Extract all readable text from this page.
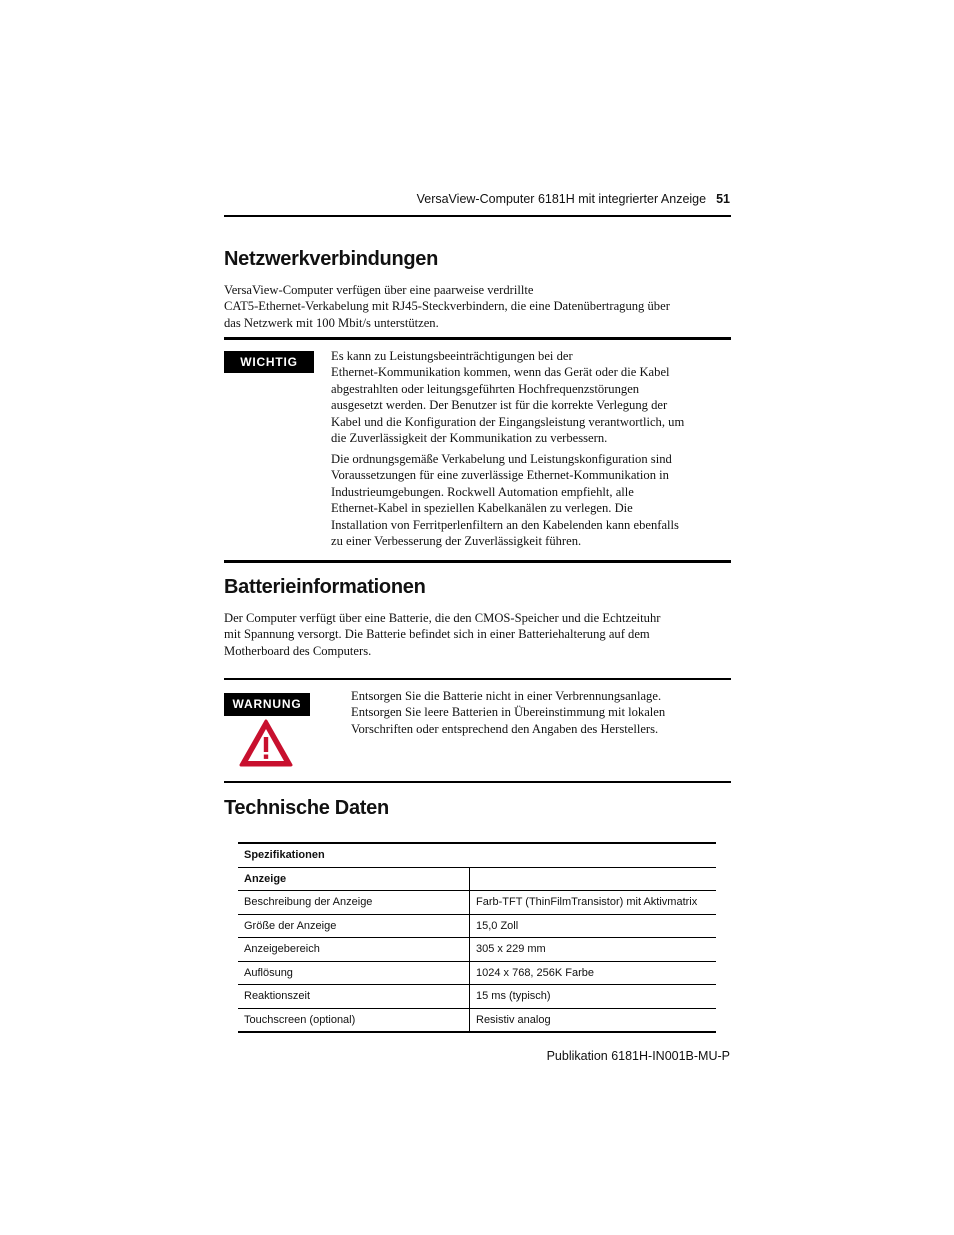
VersaView-Computer 6181H mit integrierter Anzeige 51
Netzwerkverbindungen
VersaView-Computer verfügen über eine paarweise verdrillte
CAT5-Ethernet-Verkabelung mit RJ45-Steckverbindern, die eine Datenübertragung über
das Netzwerk mit 100 Mbit/s unterstützen.
WICHTIG	Es kann zu Leistungsbeeinträchtigungen bei der
Ethernet-Kommunikation kommen, wenn das Gerät oder die Kabel
abgestrahlten oder leitungsgeführten Hochfrequenzstörungen
ausgesetzt werden. Der Benutzer ist für die korrekte Verlegung der
Kabel und die Konfiguration der Eingangsleistung verantwortlich, um
die Zuverlässigkeit der Kommunikation zu verbessern.
Die ordnungsgemäße Verkabelung und Leistungskonfiguration sind
Voraussetzungen für eine zuverlässige Ethernet-Kommunikation in
Industrieumgebungen. Rockwell Automation empfiehlt, alle
Ethernet-Kabel in speziellen Kabelkanälen zu verlegen. Die
Installation von Ferritperlenfiltern an den Kabelenden kann ebenfalls
zu einer Verbesserung der Zuverlässigkeit führen.
Batterieinformationen
Der Computer verfügt über eine Batterie, die den CMOS-Speicher und die Echtzeituhr
mit Spannung versorgt. Die Batterie befindet sich in einer Batteriehalterung auf dem
Motherboard des Computers.
WARNUNG
Entsorgen Sie die Batterie nicht in einer Verbrennungsanlage.
Entsorgen Sie leere Batterien in Übereinstimmung mit lokalen
Vorschriften oder entsprechend den Angaben des Herstellers.
Technische Daten
Spezifikationen	
Anzeige	
Beschreibung der Anzeige	Farb-TFT (ThinFilmTransistor) mit Aktivmatrix
Größe der Anzeige	15,0 Zoll
Anzeigebereich	305 x 229 mm
Auflösung	1024 x 768, 256K Farbe
Reaktionszeit	15 ms (typisch)
Touchscreen (optional)	Resistiv analog
Publikation 6181H-IN001B-MU-P
